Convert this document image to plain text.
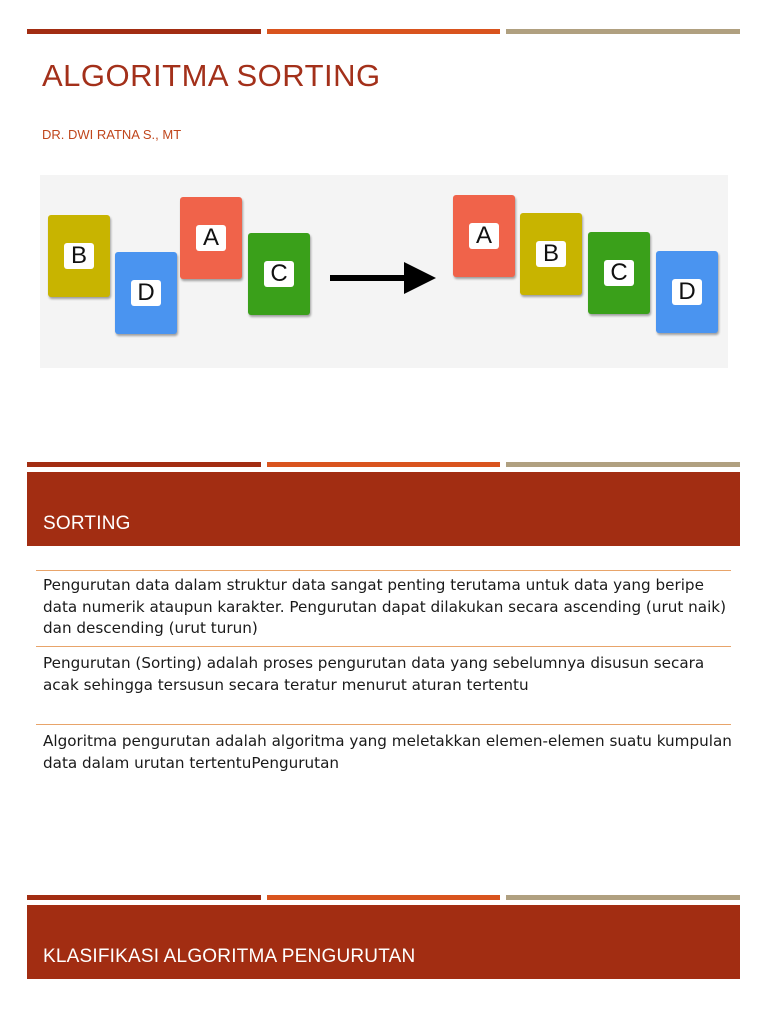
ALGORITMA SORTING
DR. DWI RATNA S., MT
B
D
A
C
A
B
C
D
SORTING
Pengurutan data dalam struktur data sangat penting terutama untuk data yang beripe data numerik ataupun karakter. Pengurutan dapat dilakukan secara ascending (urut naik) dan descending (urut turun)
Pengurutan (Sorting) adalah proses pengurutan data yang sebelumnya disusun secara acak sehingga tersusun secara teratur menurut aturan tertentu
Algoritma pengurutan adalah algoritma yang meletakkan elemen-elemen suatu kumpulan data dalam urutan tertentuPengurutan
KLASIFIKASI ALGORITMA PENGURUTAN
